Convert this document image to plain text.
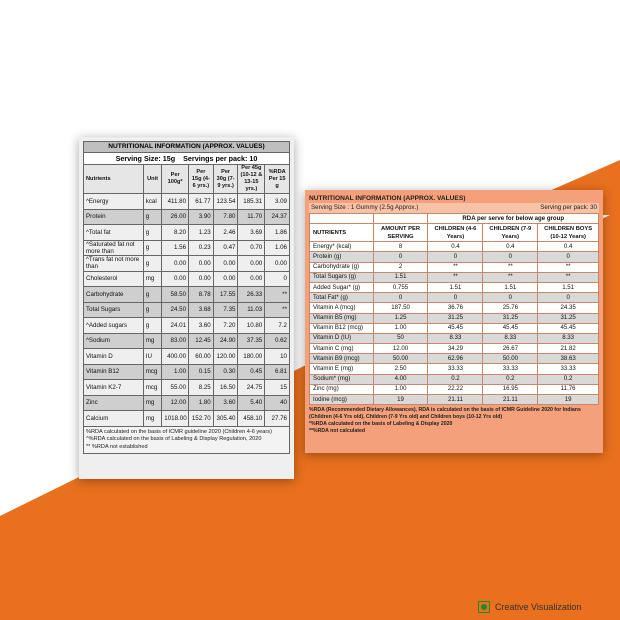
NUTRITIONAL INFORMATION (APPROX. VALUES)
Serving Size: 15g Servings per pack: 10
Nutrients	Unit	Per 100g*	Per 15g (4-6 yrs.)	Per 30g (7-9 yrs.)	Per 45g (10-12 & 13-15 yrs.)	%RDA Per 15 g
^Energy	kcal	411.80	61.77	123.54	185.31	3.09
Protein	g	26.00	3.90	7.80	11.70	24.37
^Total fat	g	8.20	1.23	2.46	3.69	1.86
^Saturated fat not more than	g	1.56	0.23	0.47	0.70	1.06
^Trans fat not more than	g	0.00	0.00	0.00	0.00	0.00
Cholesterol	mg	0.00	0.00	0.00	0.00	0
Carbohydrate	g	58.50	8.78	17.55	26.33	**
Total Sugars	g	24.50	3.68	7.35	11.03	**
^Added sugars	g	24.01	3.60	7.20	10.80	7.2
^Sodium	mg	83.00	12.45	24.90	37.35	0.62
Vitamin D	IU	400.00	60.00	120.00	180.00	10
Vitamin B12	mcg	1.00	0.15	0.30	0.45	6.81
Vitamin K2-7	mcg	55.00	8.25	16.50	24.75	15
Zinc	mg	12.00	1.80	3.60	5.40	40
Calcium	mg	1018.00	152.70	305.40	458.10	27.76
%RDA calculated on the basis of ICMR guideline 2020 (Children 4-6 years)
^%RDA calculated on the basis of Labeling & Display Regulation, 2020
** %RDA not established
NUTRITIONAL INFORMATION (APPROX. VALUES)
Serving Size : 1 Gummy (2.5g Approx.)	Serving per pack: 30
		RDA per serve for below age group		
NUTRIENTS	AMOUNT PER SERVING	CHILDREN (4-6 Years)	CHILDREN (7-9 Years)	CHILDREN BOYS (10-12 Years)
Energy* (kcal)	8	0.4	0.4	0.4
Protein (g)	0	0	0	0
Carbohydrate (g)	2	**	**	**
Total Sugars (g)	1.51	**	**	**
Added Sugar* (g)	0.755	1.51	1.51	1.51
Total Fat* (g)	0	0	0	0
Vitamin A (mcg)	187.50	36.76	25.76	24.35
Vitamin B5 (mg)	1.25	31.25	31.25	31.25
Vitamin B12 (mcg)	1.00	45.45	45.45	45.45
Vitamin D (IU)	50	8.33	8.33	8.33
Vitamin C (mg)	12.00	34.29	26.67	21.82
Vitamin B9 (mcg)	50.00	62.96	50.00	38.63
Vitamin E (mg)	2.50	33.33	33.33	33.33
Sodium* (mg)	4.00	0.2	0.2	0.2
Zinc (mg)	1.00	22.22	16.95	11.76
Iodine (mcg)	19	21.11	21.11	19
%RDA (Recommended Dietary Allowances), RDA is calculated on the basis of ICMR Guideline 2020 for Indians (Children (4-6 Yrs old), Children (7-9 Yrs old) and Children boys (10-12 Yrs old)
*%RDA calculated on the basis of Labeling & Display 2020
**%RDA not calculated
Creative Visualization
